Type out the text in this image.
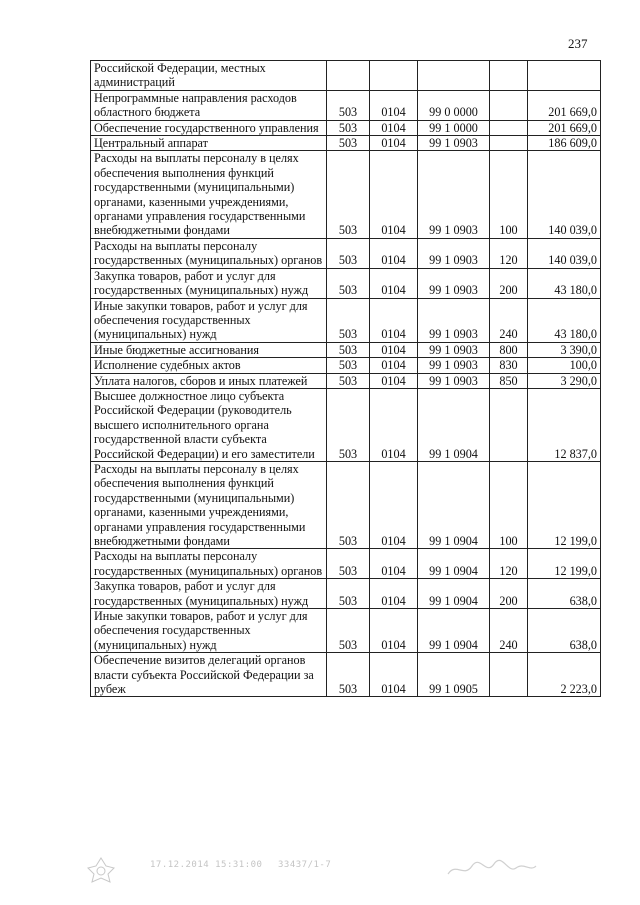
237
Российской Федерации, местных администраций					
Непрограммные направления расходов областного бюджета	503	0104	99 0 0000		201 669,0
Обеспечение государственного управления	503	0104	99 1 0000		201 669,0
Центральный аппарат	503	0104	99 1 0903		186 609,0
Расходы на выплаты персоналу в целях обеспечения выполнения функций государственными (муниципальными) органами, казенными учреждениями, органами управления государственными внебюджетными фондами	503	0104	99 1 0903	100	140 039,0
Расходы на выплаты персоналу государственных (муниципальных) органов	503	0104	99 1 0903	120	140 039,0
Закупка товаров, работ и услуг для государственных (муниципальных) нужд	503	0104	99 1 0903	200	43 180,0
Иные закупки товаров, работ и услуг для обеспечения государственных (муниципальных) нужд	503	0104	99 1 0903	240	43 180,0
Иные бюджетные ассигнования	503	0104	99 1 0903	800	3 390,0
Исполнение судебных актов	503	0104	99 1 0903	830	100,0
Уплата налогов, сборов и иных платежей	503	0104	99 1 0903	850	3 290,0
Высшее должностное лицо субъекта Российской Федерации (руководитель высшего исполнительного органа государственной власти субъекта Российской Федерации) и его заместители	503	0104	99 1 0904		12 837,0
Расходы на выплаты персоналу в целях обеспечения выполнения функций государственными (муниципальными) органами, казенными учреждениями, органами управления государственными внебюджетными фондами	503	0104	99 1 0904	100	12 199,0
Расходы на выплаты персоналу государственных (муниципальных) органов	503	0104	99 1 0904	120	12 199,0
Закупка товаров, работ и услуг для государственных (муниципальных) нужд	503	0104	99 1 0904	200	638,0
Иные закупки товаров, работ и услуг для обеспечения государственных (муниципальных) нужд	503	0104	99 1 0904	240	638,0
Обеспечение визитов делегаций органов власти субъекта Российской Федерации за рубеж	503	0104	99 1 0905		2 223,0
17.12.2014 15:31:00 33437/1-7
